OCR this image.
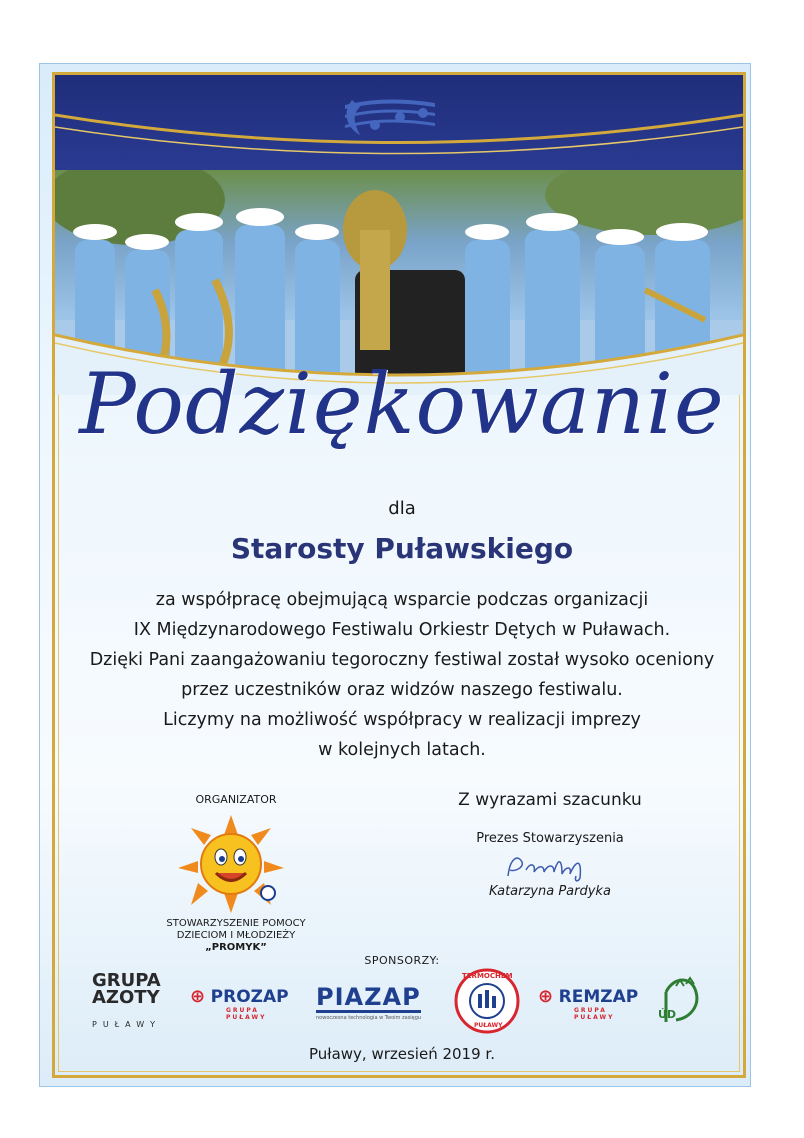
Podziękowanie
dla
Starosty Puławskiego
za współpracę obejmującą wsparcie podczas organizacji
IX Międzynarodowego Festiwalu Orkiestr Dętych w Puławach.
Dzięki Pani zaangażowaniu tegoroczny festiwal został wysoko oceniony
przez uczestników oraz widzów naszego festiwalu.
Liczymy na możliwość współpracy w realizacji imprezy
w kolejnych latach.
ORGANIZATOR
STOWARZYSZENIE POMOCY
DZIECIOM I MŁODZIEŻY
„PROMYK”
Z wyrazami szacunku
Prezes Stowarzyszenia
Katarzyna Pardyka
SPONSORZY:
GRUPA
AZOTY
PUŁAWY
⊕ PROZAP
GRUPA PUŁAWY
PIAZAP
nowoczesna technologia w Twoim zasięgu
TERMOCHEM
PUŁAWY
⊕ REMZAP
GRUPA PUŁAWY	ÚD
Puławy, wrzesień 2019 r.
